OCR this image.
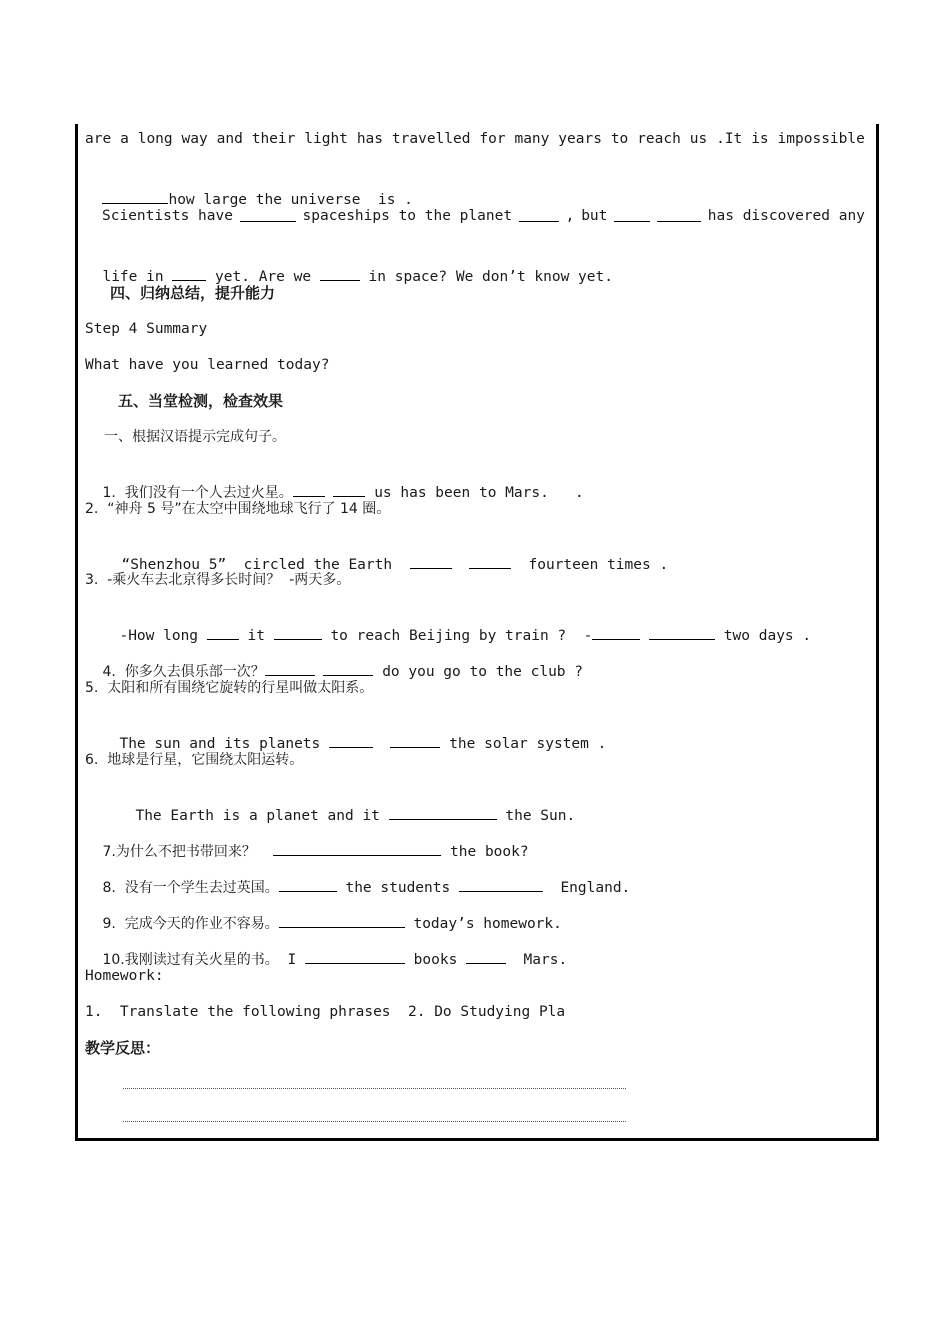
are a long way and their light has travelled for many years to reach us .It is impossible

how large the universe  is .

Scientists have	spaceships to the planet	, but	has discovered any

life in	yet. Are we	in space? We don’t know yet.

四、归纳总结，提升能力
Step 4 Summary
What have you learned today?
五、当堂检测，检查效果
一、根据汉语提示完成句子。

1.  我们没有一个人去过火星。	us has been to Mars.   .

2.  “神舟 5 号”在太空中围绕地球飞行了 14 圈。

“Shenzhou 5”  circled the Earth	fourteen times .

3.  -乘火车去北京得多长时间？  -两天多。

-How long	it	to reach Beijing by train ?  -	two days .

4.  你多久去俱乐部一次？	do you go to the club ?

5.  太阳和所有围绕它旋转的行星叫做太阳系。

The sun and its planets	the solar system .

6.  地球是行星，它围绕太阳运转。

The Earth is a planet and it	the Sun.

7.为什么不把书带回来？	the book?

8.  没有一个学生去过英国。	the students	England.

9.  完成今天的作业不容易。	today’s homework.

10.我刚读过有关火星的书。 I	books	Mars.

Homework:
1.  Translate the following phrases  2. Do Studying Pla
教学反思：
